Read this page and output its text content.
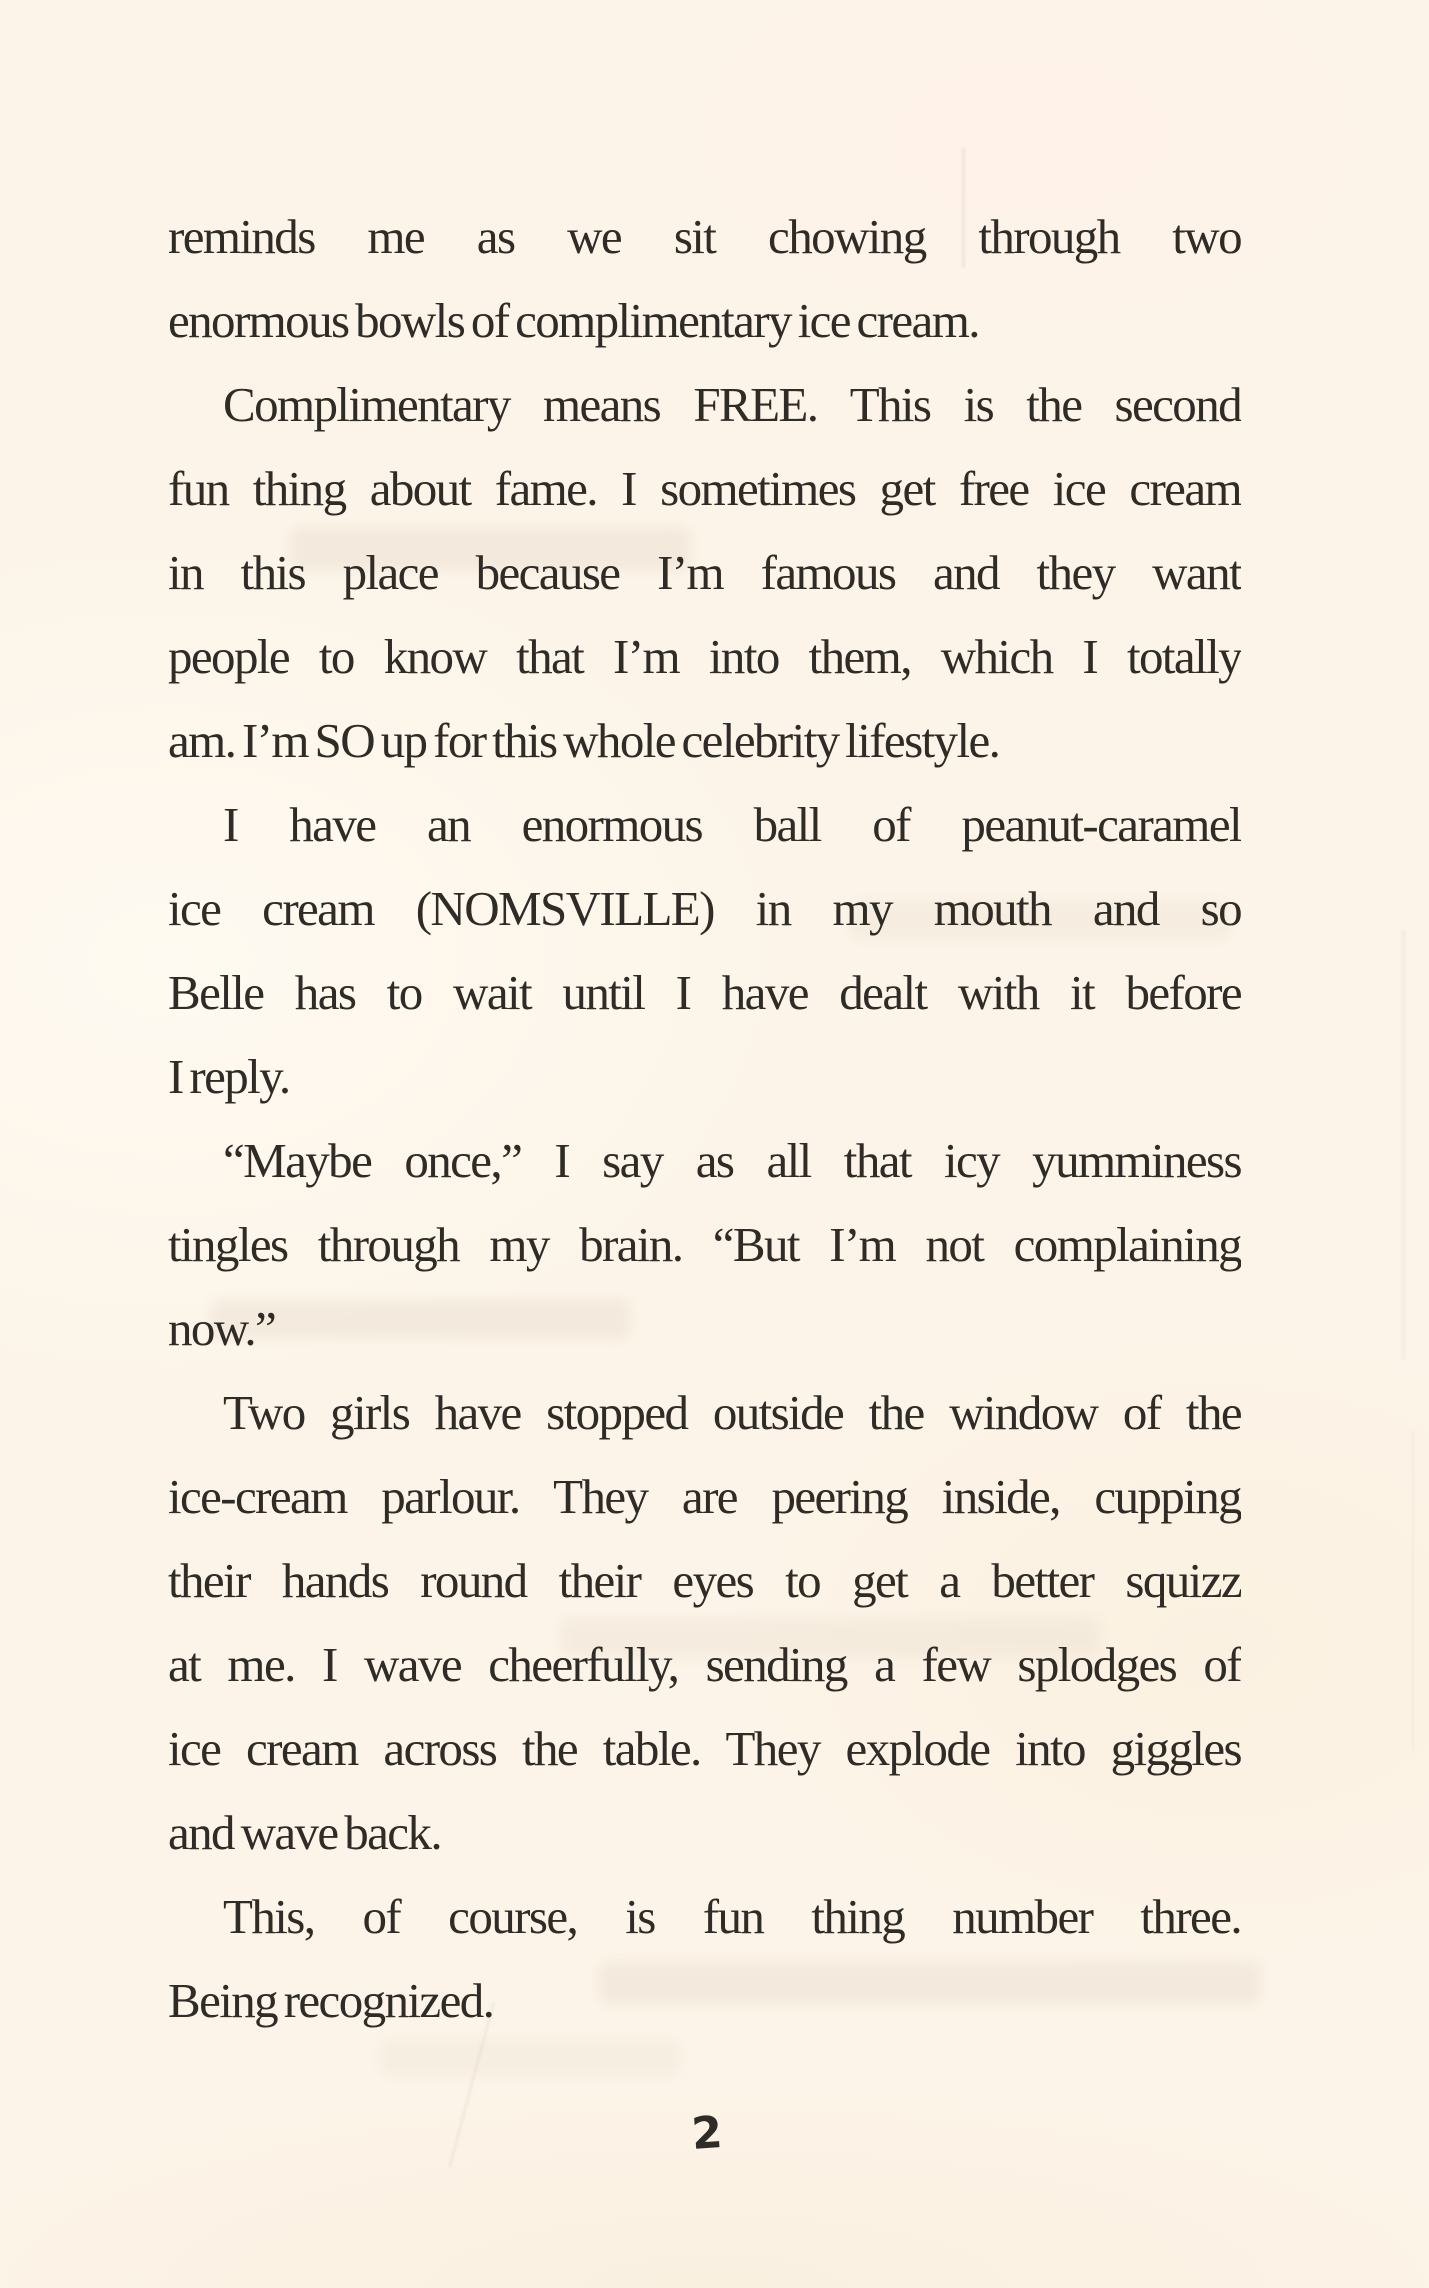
reminds me as we sit chowing through two
enormous bowls of complimentary ice cream.
Complimentary means FREE. This is the second
fun thing about fame. I sometimes get free ice cream
in this place because I’m famous and they want
people to know that I’m into them, which I totally
am. I’m SO up for this whole celebrity lifestyle.
I have an enormous ball of peanut-caramel
ice cream (NOMSVILLE) in my mouth and so
Belle has to wait until I have dealt with it before
I reply.
“Maybe once,” I say as all that icy yumminess
tingles through my brain. “But I’m not complaining
now.”
Two girls have stopped outside the window of the
ice-cream parlour. They are peering inside, cupping
their hands round their eyes to get a better squizz
at me. I wave cheerfully, sending a few splodges of
ice cream across the table. They explode into giggles
and wave back.
This, of course, is fun thing number three.
Being recognized.
2
